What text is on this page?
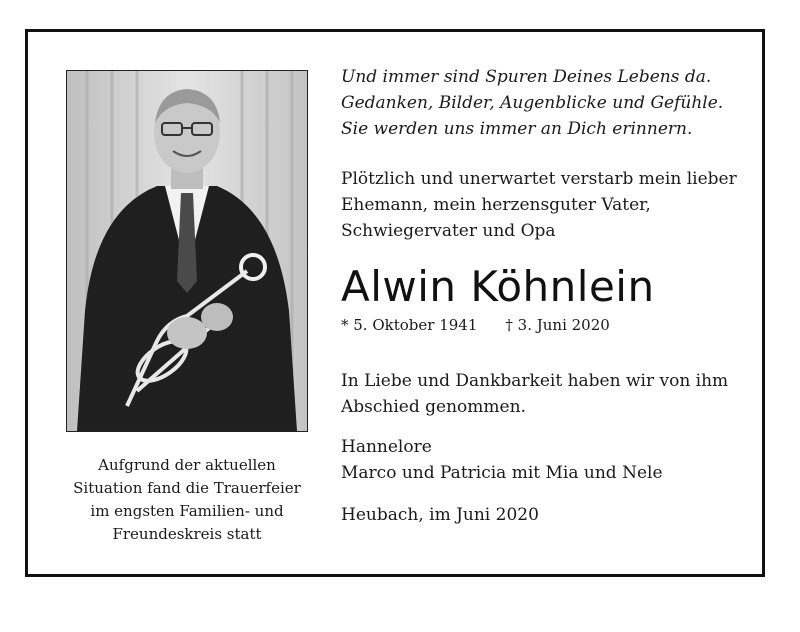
Aufgrund der aktuellen
Situation fand die Trauerfeier
im engsten Familien- und
Freundeskreis statt
Und immer sind Spuren Deines Lebens da.
Gedanken, Bilder, Augenblicke und Gefühle.
Sie werden uns immer an Dich erinnern.
Plötzlich und unerwartet verstarb mein lieber
Ehemann, mein herzensguter Vater,
Schwiegervater und Opa
Alwin Köhnlein
* 5. Oktober 1941 † 3. Juni 2020
In Liebe und Dankbarkeit haben wir von ihm
Abschied genommen.
Hannelore
Marco und Patricia mit Mia und Nele
Heubach, im Juni 2020
